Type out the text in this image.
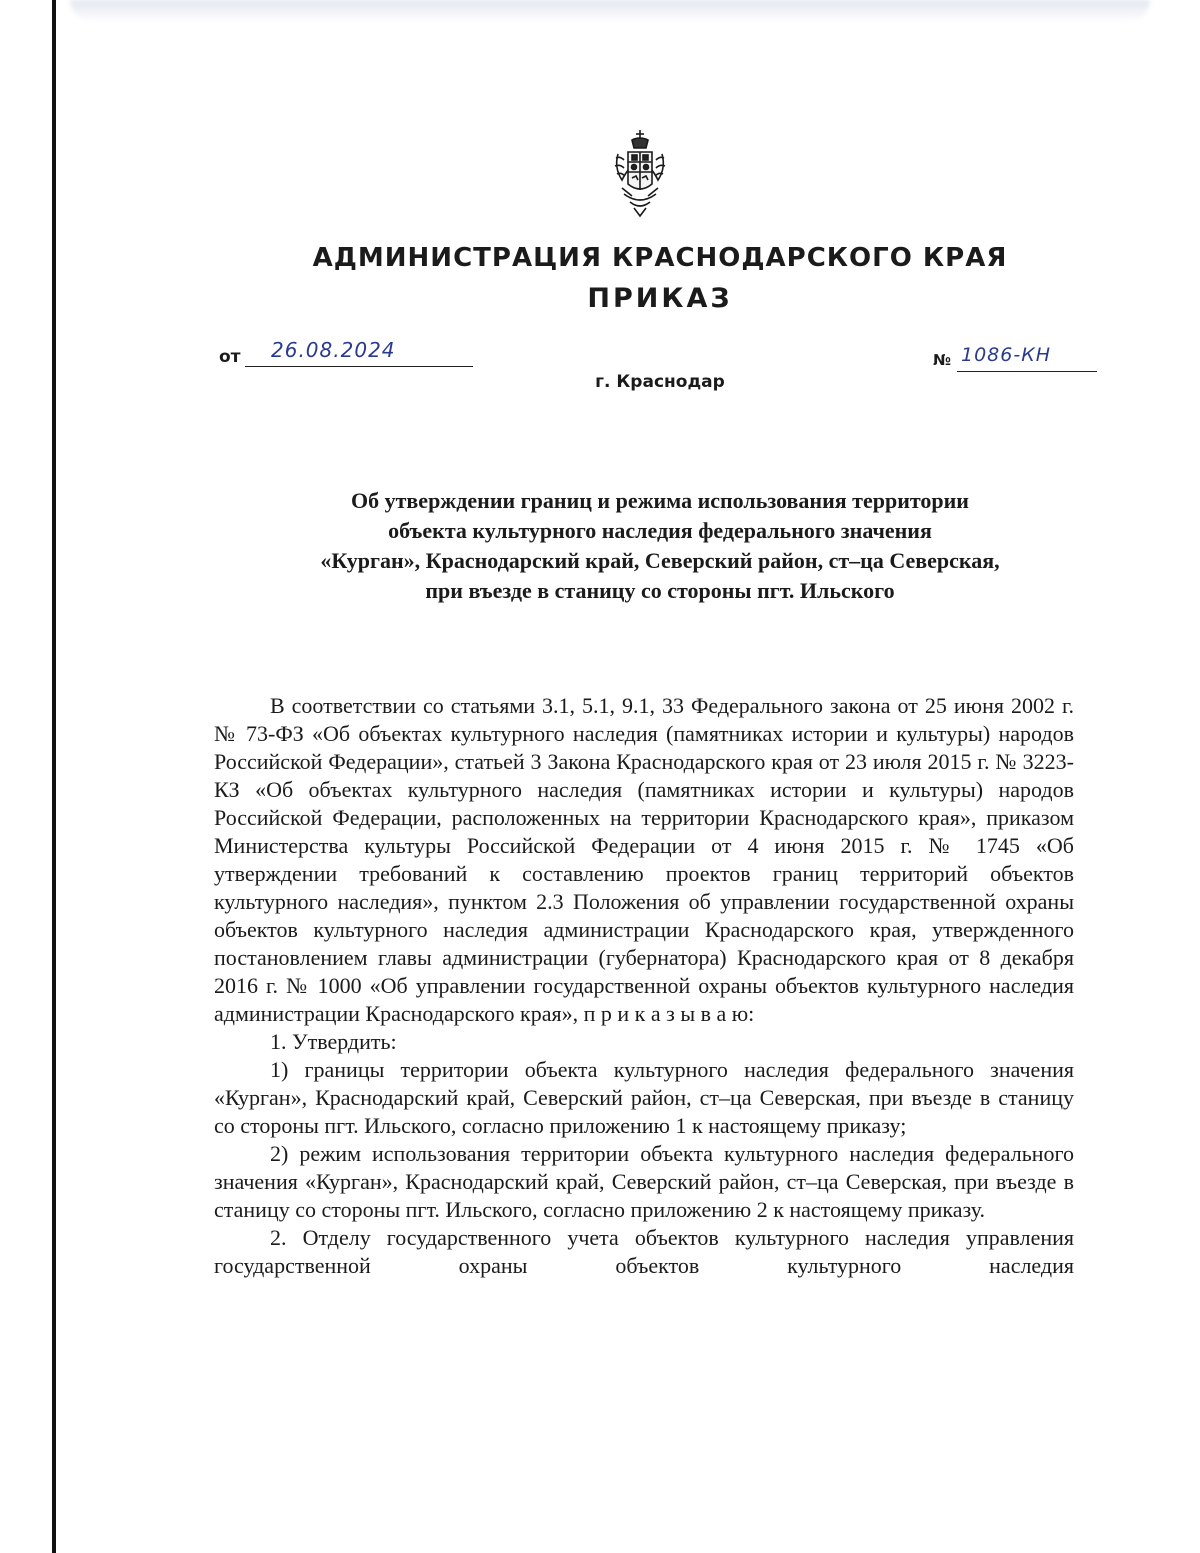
АДМИНИСТРАЦИЯ КРАСНОДАРСКОГО КРАЯ
ПРИКАЗ
от 26.08.2024
г. Краснодар
№ 1086-КН
Об утверждении границ и режима использования территории
объекта культурного наследия федерального значения
«Курган», Краснодарский край, Северский район, ст–ца Северская,
при въезде в станицу со стороны пгт. Ильского

В соответствии со статьями 3.1, 5.1, 9.1, 33 Федерального закона от 25 июня 2002 г. № 73-ФЗ «Об объектах культурного наследия (памятниках истории и культуры) народов Российской Федерации», статьей 3 Закона Краснодарского края от 23 июля 2015 г. № 3223-КЗ «Об объектах культурного наследия (памятниках истории и культуры) народов Российской Федерации, расположенных на территории Краснодарского края», приказом Министерства культуры Российской Федерации от 4 июня 2015 г. № 1745 «Об утверждении требований к составлению проектов границ территорий объектов культурного наследия», пунктом 2.3 Положения об управлении государственной охраны объектов культурного наследия администрации Краснодарского края, утвержденного постановлением главы администрации (губернатора) Краснодарского края от 8 декабря 2016 г. № 1000 «Об управлении государственной охраны объектов культурного наследия администрации Краснодарского края», п р и к а з ы в а ю:

1. Утвердить:

1) границы территории объекта культурного наследия федерального значения «Курган», Краснодарский край, Северский район, ст–ца Северская, при въезде в станицу со стороны пгт. Ильского, согласно приложению 1 к настоящему приказу;

2) режим использования территории объекта культурного наследия федерального значения «Курган», Краснодарский край, Северский район, ст–ца Северская, при въезде в станицу со стороны пгт. Ильского, согласно приложению 2 к настоящему приказу.

2. Отделу государственного учета объектов культурного наследия управления государственной охраны объектов культурного наследия
